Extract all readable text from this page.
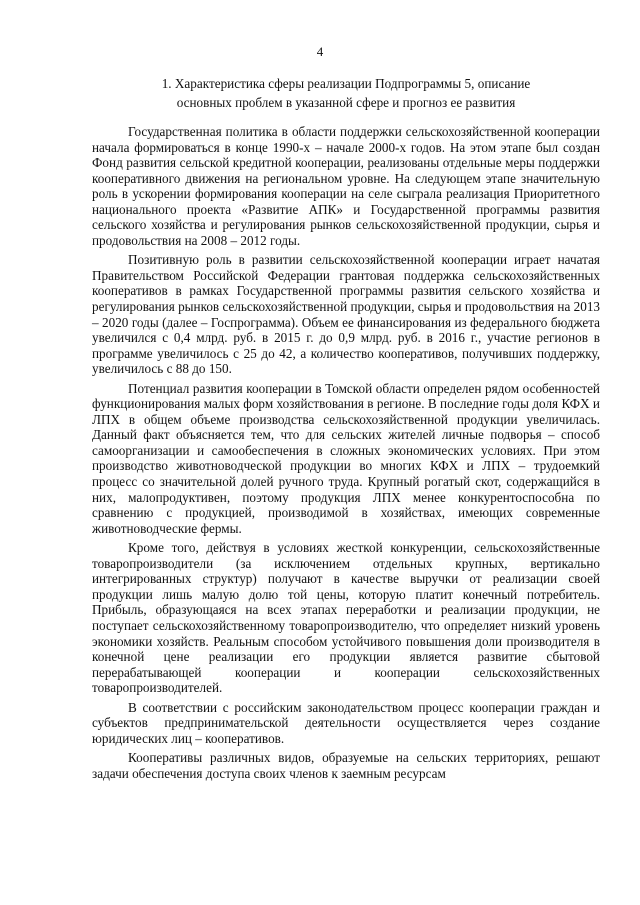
4
1. Характеристика сферы реализации Подпрограммы 5, описание
основных проблем в указанной сфере и прогноз ее развития

Государственная политика в области поддержки сельскохозяйственной кооперации начала формироваться в конце 1990-х – начале 2000-х годов. На этом этапе был создан Фонд развития сельской кредитной кооперации, реализованы отдельные меры поддержки кооперативного движения на региональном уровне. На следующем этапе значительную роль в ускорении формирования кооперации на селе сыграла реализация Приоритетного национального проекта «Развитие АПК» и Государственной программы развития сельского хозяйства и регулирования рынков сельскохозяйственной продукции, сырья и продовольствия на 2008 – 2012 годы.

Позитивную роль в развитии сельскохозяйственной кооперации играет начатая Правительством Российской Федерации грантовая поддержка сельскохозяйственных кооперативов в рамках Государственной программы развития сельского хозяйства и регулирования рынков сельскохозяйственной продукции, сырья и продовольствия на 2013 – 2020 годы (далее – Госпрограмма). Объем ее финансирования из федерального бюджета увеличился с 0,4 млрд. руб. в 2015 г. до 0,9 млрд. руб. в 2016 г., участие регионов в программе увеличилось с 25 до 42, а количество кооперативов, получивших поддержку, увеличилось с 88 до 150.

Потенциал развития кооперации в Томской области определен рядом особенностей функционирования малых форм хозяйствования в регионе. В последние годы доля КФХ и ЛПХ в общем объеме производства сельскохозяйственной продукции увеличилась. Данный факт объясняется тем, что для сельских жителей личные подворья – способ самоорганизации и самообеспечения в сложных экономических условиях. При этом производство животноводческой продукции во многих КФХ и ЛПХ – трудоемкий процесс со значительной долей ручного труда. Крупный рогатый скот, содержащийся в них, малопродуктивен, поэтому продукция ЛПХ менее конкурентоспособна по сравнению с продукцией, производимой в хозяйствах, имеющих современные животноводческие фермы.

Кроме того, действуя в условиях жесткой конкуренции, сельскохозяйственные товаропроизводители (за исключением отдельных крупных, вертикально интегрированных структур) получают в качестве выручки от реализации своей продукции лишь малую долю той цены, которую платит конечный потребитель. Прибыль, образующаяся на всех этапах переработки и реализации продукции, не поступает сельскохозяйственному товаропроизводителю, что определяет низкий уровень экономики хозяйств. Реальным способом устойчивого повышения доли производителя в конечной цене реализации его продукции является развитие сбытовой перерабатывающей кооперации и кооперации сельскохозяйственных товаропроизводителей.

В соответствии с российским законодательством процесс кооперации граждан и субъектов предпринимательской деятельности осуществляется через создание юридических лиц – кооперативов.

Кооперативы различных видов, образуемые на сельских территориях, решают задачи обеспечения доступа своих членов к заемным ресурсам
